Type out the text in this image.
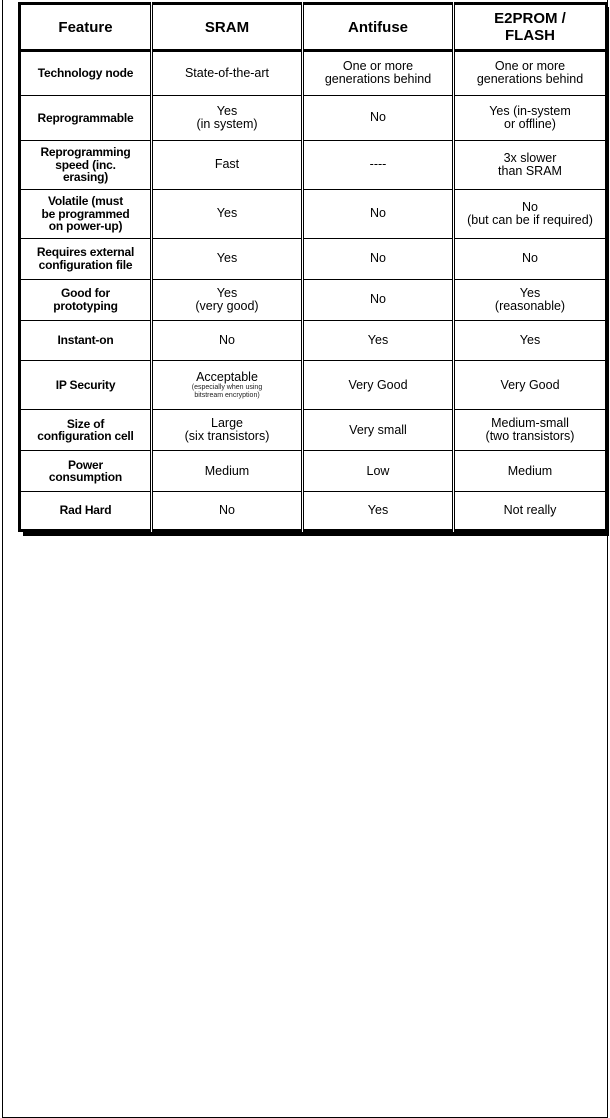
Feature	SRAM	Antifuse	E2PROM /
FLASH

Technology node	State-of-the-art	One or more
generations behind	One or more
generations behind

Reprogrammable	Yes
(in system)	No	Yes (in-system
or offline)

Reprogramming
speed (inc.
erasing)	Fast	----	3x slower
than SRAM

Volatile (must
be programmed
on power-up)	Yes	No	No
(but can be if required)

Requires external
configuration file	Yes	No	No

Good for
prototyping	Yes
(very good)	No	Yes
(reasonable)

Instant-on	No	Yes	Yes

IP Security	Acceptable
(especially when using
bitstream encryption)	Very Good	Very Good

Size of
configuration cell	Large
(six transistors)	Very small	Medium-small
(two transistors)

Power
consumption	Medium	Low	Medium

Rad Hard	No	Yes	Not really
